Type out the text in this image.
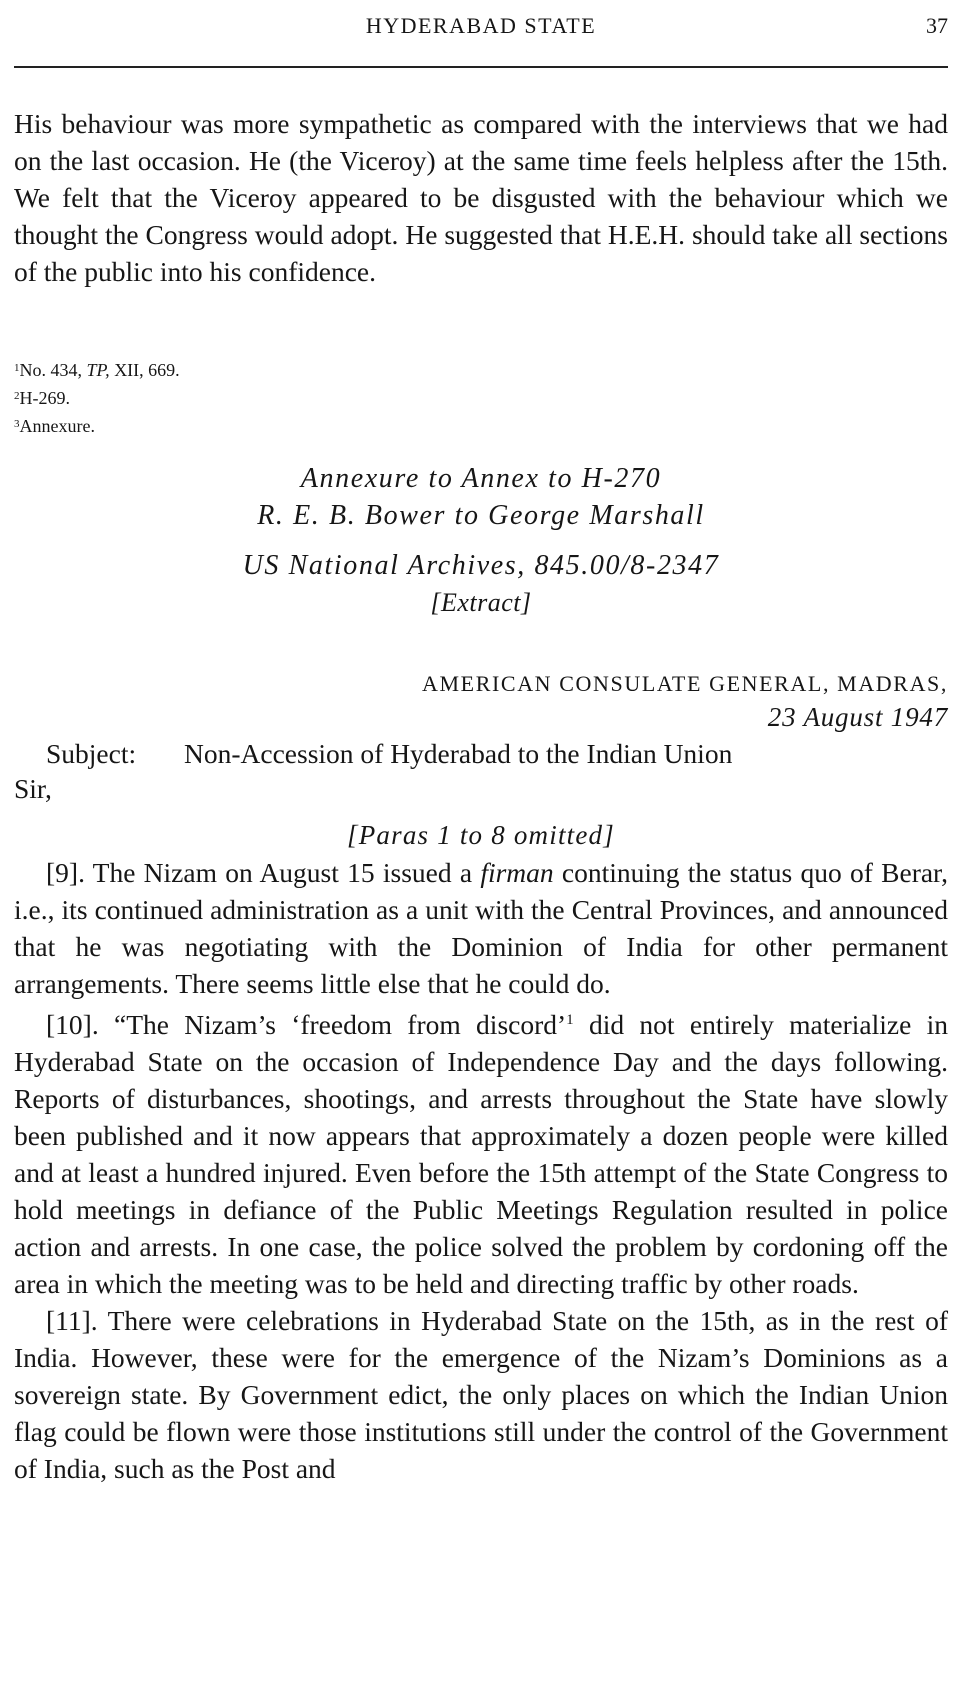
HYDERABAD STATE	37

His behaviour was more sympathetic as compared with the interviews that we had on the last occasion. He (the Viceroy) at the same time feels helpless after the 15th. We felt that the Viceroy appeared to be disgusted with the behaviour which we thought the Congress would adopt. He suggested that H.E.H. should take all sections of the public into his confidence.

$^1$No. 434, TP, XII, 669.
$^2$H-269.
$^3$Annexure.
Annexure to Annex to H-270
R. E. B. Bower to George Marshall
US National Archives, 845.00/8-2347
[Extract]
AMERICAN CONSULATE GENERAL, MADRAS,
23 August 1947
Subject: Non-Accession of Hyderabad to the Indian Union
Sir,
[Paras 1 to 8 omitted]

[9]. The Nizam on August 15 issued a firman continuing the status quo of Berar, i.e., its continued administration as a unit with the Central Provinces, and announced that he was negotiating with the Dominion of India for other permanent arrangements. There seems little else that he could do.

[10]. “The Nizam’s ‘freedom from discord’$^1$ did not entirely materialize in Hyderabad State on the occasion of Independence Day and the days following. Reports of disturbances, shootings, and arrests throughout the State have slowly been published and it now appears that approximately a dozen people were killed and at least a hundred injured. Even before the 15th attempt of the State Congress to hold meetings in defiance of the Public Meetings Regulation resulted in police action and arrests. In one case, the police solved the problem by cordoning off the area in which the meeting was to be held and directing traffic by other roads.

[11]. There were celebrations in Hyderabad State on the 15th, as in the rest of India. However, these were for the emergence of the Nizam’s Dominions as a sovereign state. By Government edict, the only places on which the Indian Union flag could be flown were those institutions still under the control of the Government of India, such as the Post and
